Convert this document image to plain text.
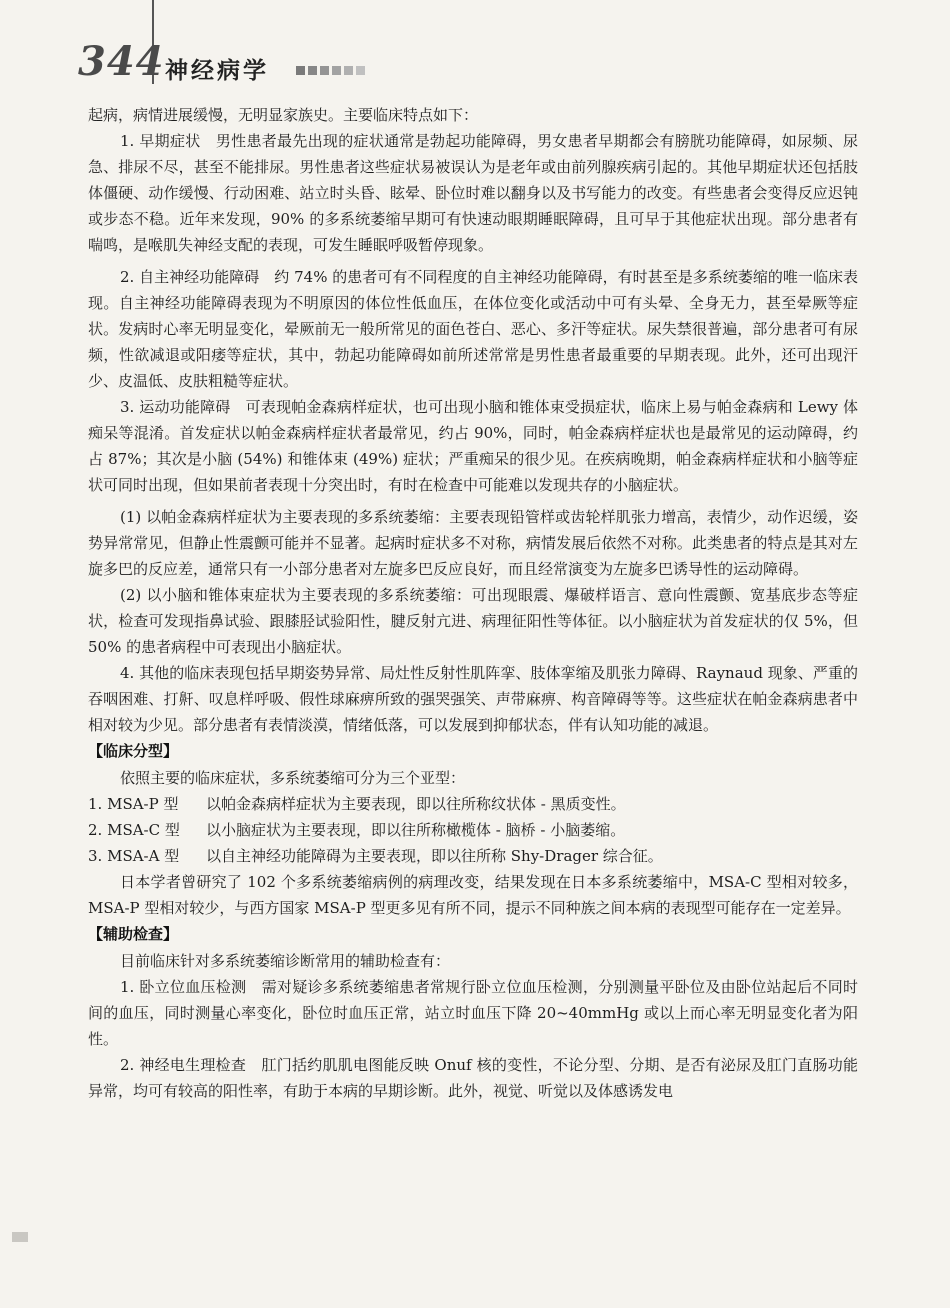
344 神经病学

起病，病情进展缓慢，无明显家族史。主要临床特点如下：

1. 早期症状　男性患者最先出现的症状通常是勃起功能障碍，男女患者早期都会有膀胱功能障碍，如尿频、尿急、排尿不尽，甚至不能排尿。男性患者这些症状易被误认为是老年或由前列腺疾病引起的。其他早期症状还包括肢体僵硬、动作缓慢、行动困难、站立时头昏、眩晕、卧位时难以翻身以及书写能力的改变。有些患者会变得反应迟钝或步态不稳。近年来发现，90% 的多系统萎缩早期可有快速动眼期睡眠障碍，且可早于其他症状出现。部分患者有喘鸣，是喉肌失神经支配的表现，可发生睡眠呼吸暂停现象。

2. 自主神经功能障碍　约 74% 的患者可有不同程度的自主神经功能障碍，有时甚至是多系统萎缩的唯一临床表现。自主神经功能障碍表现为不明原因的体位性低血压，在体位变化或活动中可有头晕、全身无力，甚至晕厥等症状。发病时心率无明显变化，晕厥前无一般所常见的面色苍白、恶心、多汗等症状。尿失禁很普遍，部分患者可有尿频，性欲减退或阳痿等症状，其中，勃起功能障碍如前所述常常是男性患者最重要的早期表现。此外，还可出现汗少、皮温低、皮肤粗糙等症状。

3. 运动功能障碍　可表现帕金森病样症状，也可出现小脑和锥体束受损症状，临床上易与帕金森病和 Lewy 体痴呆等混淆。首发症状以帕金森病样症状者最常见，约占 90%，同时，帕金森病样症状也是最常见的运动障碍，约占 87%；其次是小脑 (54%) 和锥体束 (49%) 症状；严重痴呆的很少见。在疾病晚期，帕金森病样症状和小脑等症状可同时出现，但如果前者表现十分突出时，有时在检查中可能难以发现共存的小脑症状。

(1) 以帕金森病样症状为主要表现的多系统萎缩：主要表现铅管样或齿轮样肌张力增高，表情少，动作迟缓，姿势异常常见，但静止性震颤可能并不显著。起病时症状多不对称，病情发展后依然不对称。此类患者的特点是其对左旋多巴的反应差，通常只有一小部分患者对左旋多巴反应良好，而且经常演变为左旋多巴诱导性的运动障碍。

(2) 以小脑和锥体束症状为主要表现的多系统萎缩：可出现眼震、爆破样语言、意向性震颤、宽基底步态等症状，检查可发现指鼻试验、跟膝胫试验阳性，腱反射亢进、病理征阳性等体征。以小脑症状为首发症状的仅 5%，但 50% 的患者病程中可表现出小脑症状。

4. 其他的临床表现包括早期姿势异常、局灶性反射性肌阵挛、肢体挛缩及肌张力障碍、Raynaud 现象、严重的吞咽困难、打鼾、叹息样呼吸、假性球麻痹所致的强哭强笑、声带麻痹、构音障碍等等。这些症状在帕金森病患者中相对较为少见。部分患者有表情淡漠，情绪低落，可以发展到抑郁状态，伴有认知功能的减退。

【临床分型】

依照主要的临床症状，多系统萎缩可分为三个亚型：

1. MSA-P 型 以帕金森病样症状为主要表现，即以往所称纹状体 - 黑质变性。

2. MSA-C 型 以小脑症状为主要表现，即以往所称橄榄体 - 脑桥 - 小脑萎缩。

3. MSA-A 型 以自主神经功能障碍为主要表现，即以往所称 Shy-Drager 综合征。

日本学者曾研究了 102 个多系统萎缩病例的病理改变，结果发现在日本多系统萎缩中，MSA-C 型相对较多，MSA-P 型相对较少，与西方国家 MSA-P 型更多见有所不同，提示不同种族之间本病的表现型可能存在一定差异。

【辅助检查】

目前临床针对多系统萎缩诊断常用的辅助检查有：

1. 卧立位血压检测　需对疑诊多系统萎缩患者常规行卧立位血压检测，分别测量平卧位及由卧位站起后不同时间的血压，同时测量心率变化，卧位时血压正常，站立时血压下降 20~40mmHg 或以上而心率无明显变化者为阳性。

2. 神经电生理检查　肛门括约肌肌电图能反映 Onuf 核的变性，不论分型、分期、是否有泌尿及肛门直肠功能异常，均可有较高的阳性率，有助于本病的早期诊断。此外，视觉、听觉以及体感诱发电
